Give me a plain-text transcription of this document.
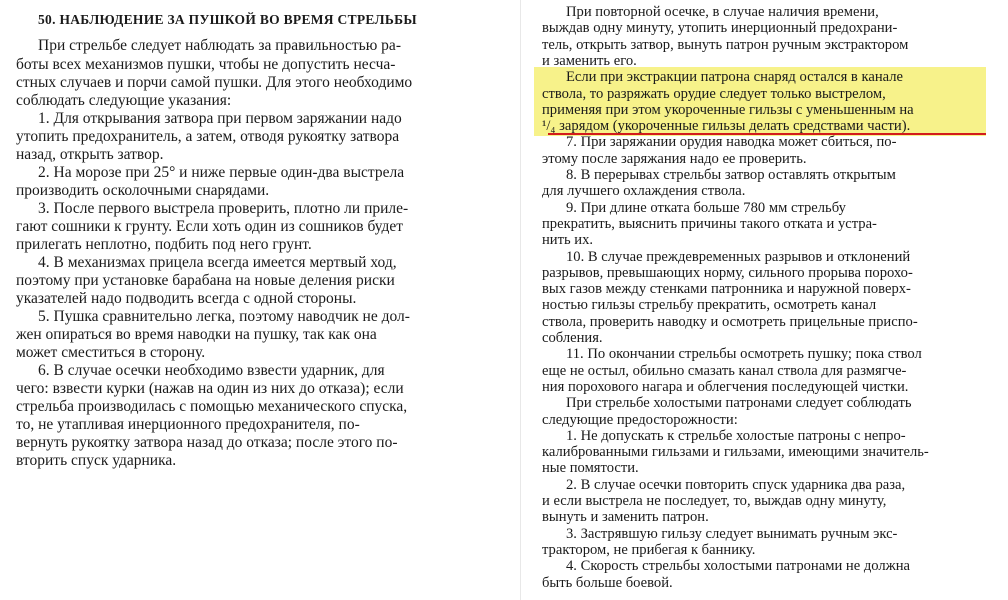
50. НАБЛЮДЕНИЕ ЗА ПУШКОЙ ВО ВРЕМЯ СТРЕЛЬБЫ
При стрельбе следует наблюдать за правильностью ра-
боты всех механизмов пушки, чтобы не допустить несча-
стных случаев и порчи самой пушки. Для этого необходимо
соблюдать следующие указания:
1. Для открывания затвора при первом заряжании надо
утопить предохранитель, а затем, отводя рукоятку затвора
назад, открыть затвор.
2. На морозе при 25° и ниже первые один-два выстрела
производить осколочными снарядами.
3. После первого выстрела проверить, плотно ли приле-
гают сошники к грунту. Если хоть один из сошников будет
прилегать неплотно, подбить под него грунт.
4. В механизмах прицела всегда имеется мертвый ход,
поэтому при установке барабана на новые деления риски
указателей надо подводить всегда с одной стороны.
5. Пушка сравнительно легка, поэтому наводчик не дол-
жен опираться во время наводки на пушку, так как она
может сместиться в сторону.
6. В случае осечки необходимо взвести ударник, для
чего: взвести курки (нажав на один из них до отказа); если
стрельба производилась с помощью механического спуска,
то, не утапливая инерционного предохранителя, по-
вернуть рукоятку затвора назад до отказа; после этого по-
вторить спуск ударника.
При повторной осечке, в случае наличия времени,
выждав одну минуту, утопить инерционный предохрани-
тель, открыть затвор, вынуть патрон ручным экстрактором
и заменить его.
Если при экстракции патрона снаряд остался в канале
ствола, то разряжать орудие следует только выстрелом,
применяя при этом укороченные гильзы с уменьшенным на
¹/₄ зарядом (укороченные гильзы делать средствами части).
7. При заряжании орудия наводка может сбиться, по-
этому после заряжания надо ее проверить.
8. В перерывах стрельбы затвор оставлять открытым
для лучшего охлаждения ствола.
9. При длине отката больше 780 мм стрельбу
прекратить, выяснить причины такого отката и устра-
нить их.
10. В случае преждевременных разрывов и отклонений
разрывов, превышающих норму, сильного прорыва порохо-
вых газов между стенками патронника и наружной поверх-
ностью гильзы стрельбу прекратить, осмотреть канал
ствола, проверить наводку и осмотреть прицельные приспо-
собления.
11. По окончании стрельбы осмотреть пушку; пока ствол
еще не остыл, обильно смазать канал ствола для размягче-
ния порохового нагара и облегчения последующей чистки.
При стрельбе холостыми патронами следует соблюдать
следующие предосторожности:
1. Не допускать к стрельбе холостые патроны с непро-
калиброванными гильзами и гильзами, имеющими значитель-
ные помятости.
2. В случае осечки повторить спуск ударника два раза,
и если выстрела не последует, то, выждав одну минуту,
вынуть и заменить патрон.
3. Застрявшую гильзу следует вынимать ручным экс-
трактором, не прибегая к баннику.
4. Скорость стрельбы холостыми патронами не должна
быть больше боевой.
